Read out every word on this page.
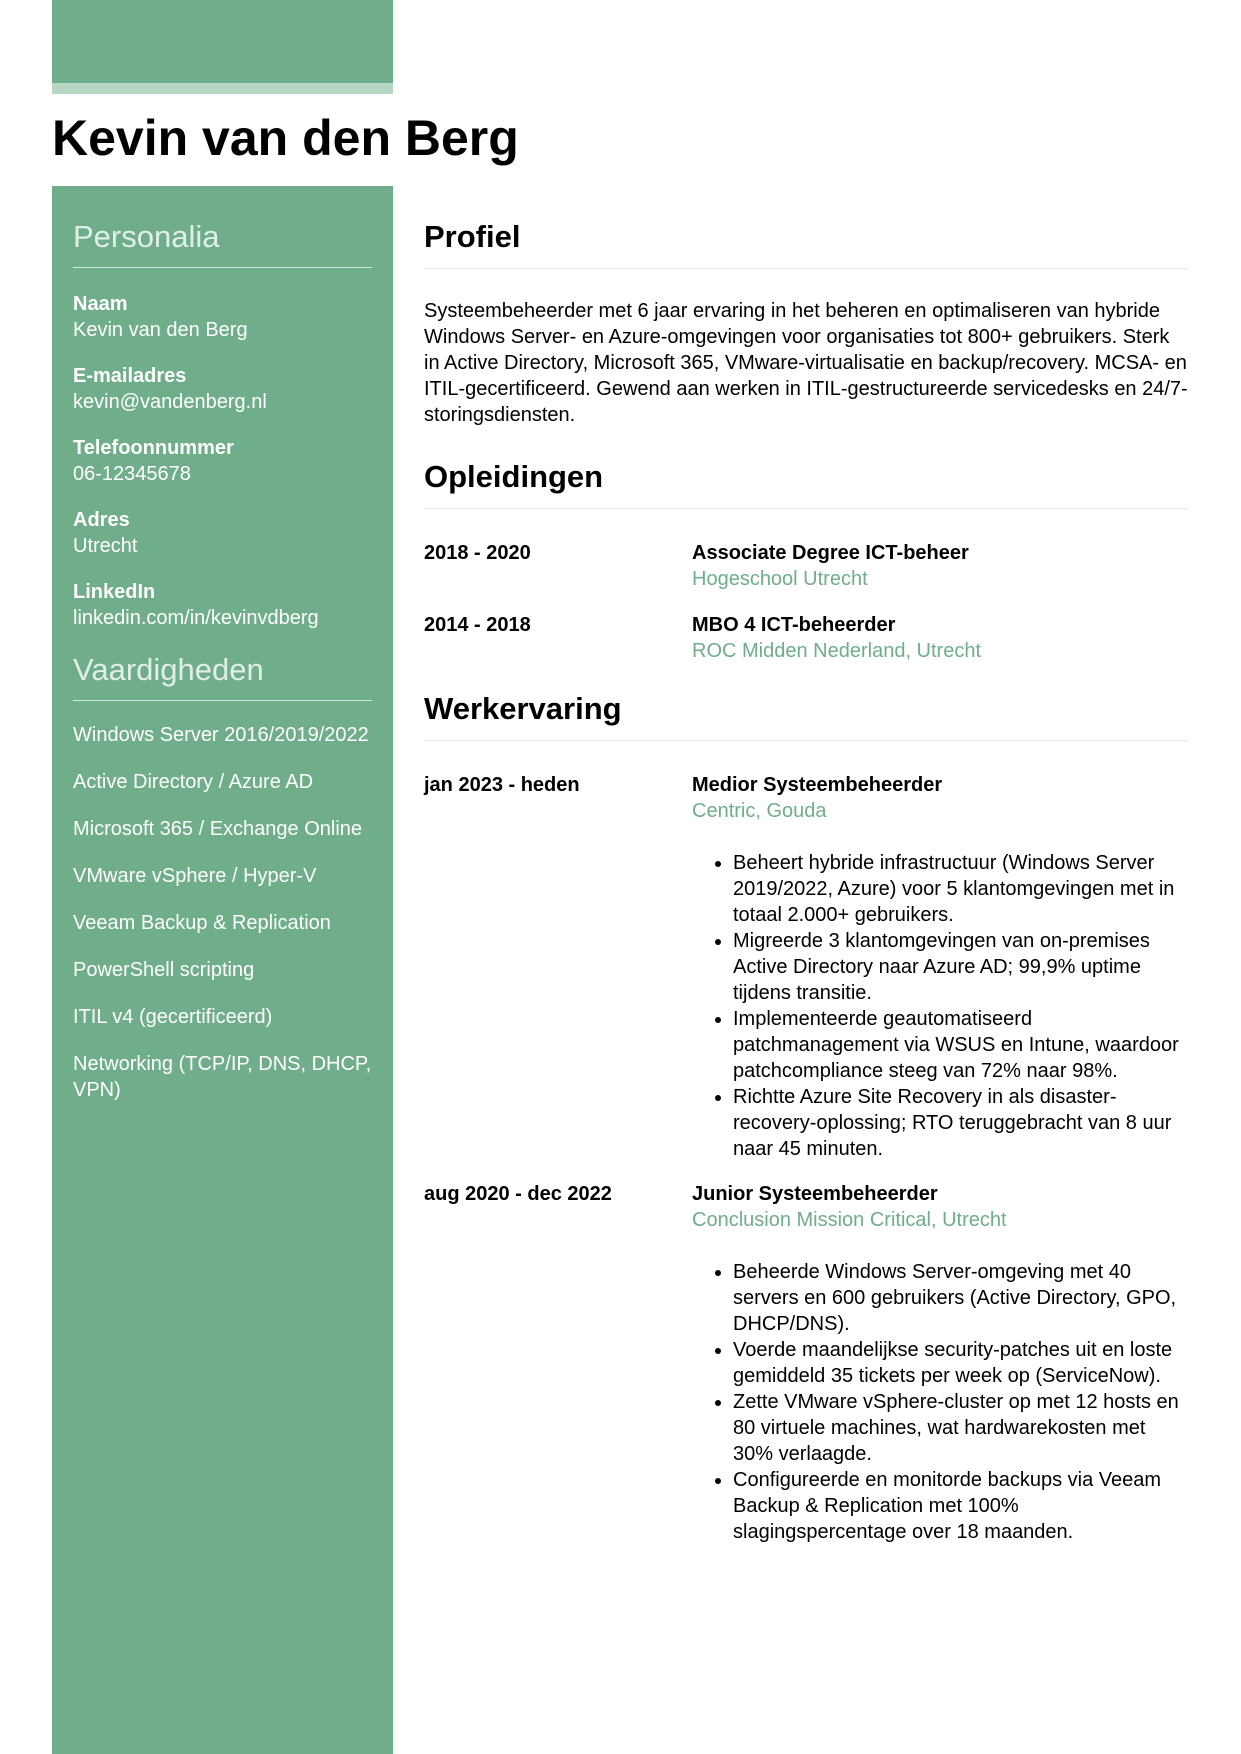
Kevin van den Berg
Personalia
Naam
Kevin van den Berg
E-mailadres
kevin@vandenberg.nl
Telefoonnummer
06-12345678
Adres
Utrecht
LinkedIn
linkedin.com/in/kevinvdberg
Vaardigheden
Windows Server 2016/2019/2022
Active Directory / Azure AD
Microsoft 365 / Exchange Online
VMware vSphere / Hyper-V
Veeam Backup & Replication
PowerShell scripting
ITIL v4 (gecertificeerd)
Networking (TCP/IP, DNS, DHCP, VPN)
Profiel

Systeembeheerder met 6 jaar ervaring in het beheren en optimaliseren van hybride Windows Server- en Azure-omgevingen voor organisaties tot 800+ gebruikers. Sterk in Active Directory, Microsoft 365, VMware-virtualisatie en backup/recovery. MCSA- en ITIL-gecertificeerd. Gewend aan werken in ITIL-gestructureerde servicedesks en 24/7-storingsdiensten.

Opleidingen
2018 - 2020	Associate Degree ICT-beheer
Hogeschool Utrecht
2014 - 2018	MBO 4 ICT-beheerder
ROC Midden Nederland, Utrecht
Werkervaring
jan 2023 - heden	Medior Systeembeheerder
Centric, Gouda
• Beheert hybride infrastructuur (Windows Server 2019/2022, Azure) voor 5 klantomgevingen met in totaal 2.000+ gebruikers.
• Migreerde 3 klantomgevingen van on-premises Active Directory naar Azure AD; 99,9% uptime tijdens transitie.
• Implementeerde geautomatiseerd patchmanagement via WSUS en Intune, waardoor patchcompliance steeg van 72% naar 98%.
• Richtte Azure Site Recovery in als disaster-recovery-oplossing; RTO teruggebracht van 8 uur naar 45 minuten.
aug 2020 - dec 2022	Junior Systeembeheerder
Conclusion Mission Critical, Utrecht
• Beheerde Windows Server-omgeving met 40 servers en 600 gebruikers (Active Directory, GPO, DHCP/DNS).
• Voerde maandelijkse security-patches uit en loste gemiddeld 35 tickets per week op (ServiceNow).
• Zette VMware vSphere-cluster op met 12 hosts en 80 virtuele machines, wat hardwarekosten met 30% verlaagde.
• Configureerde en monitorde backups via Veeam Backup & Replication met 100% slagingspercentage over 18 maanden.
